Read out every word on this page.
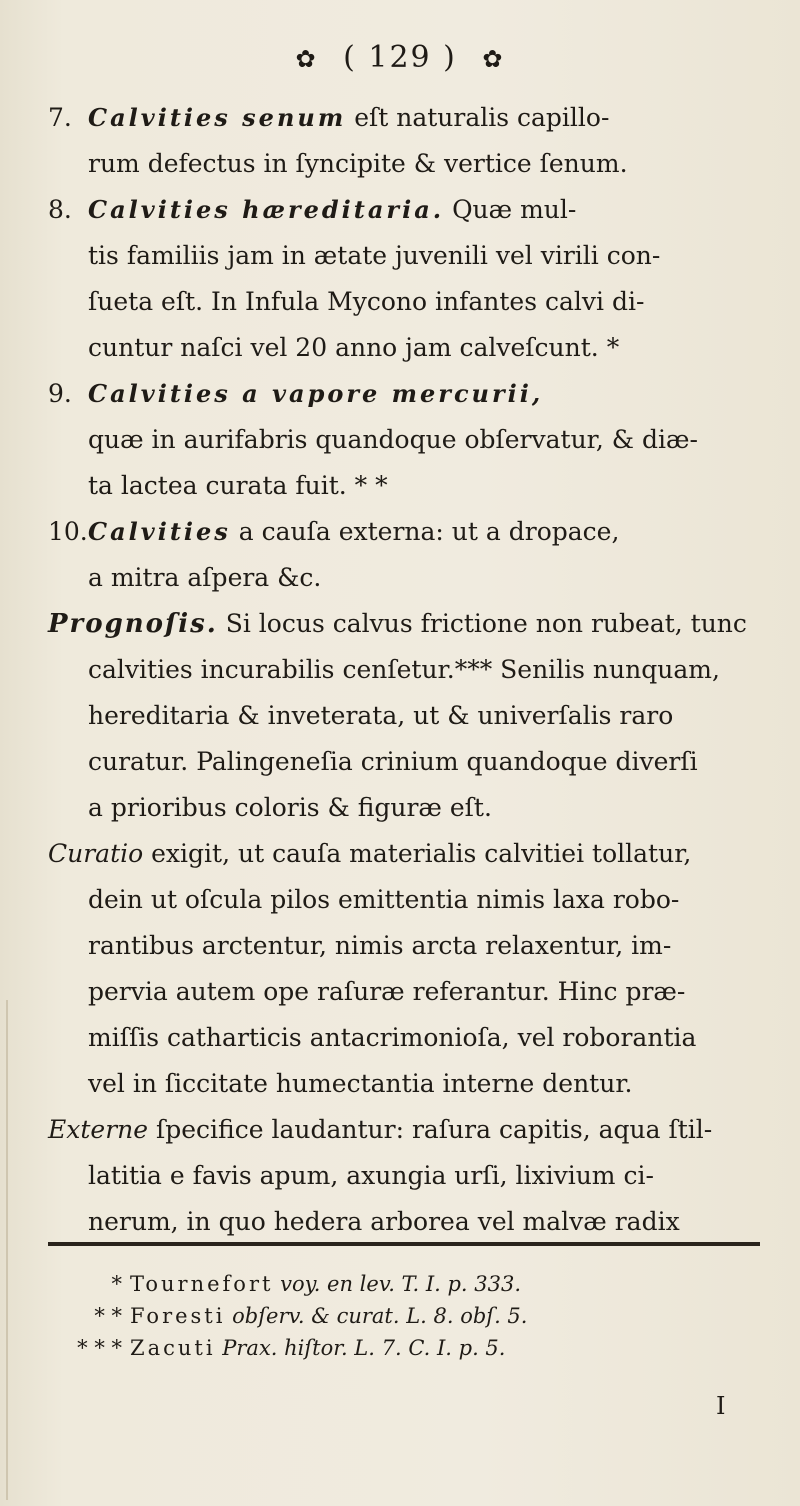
✿ ( 129 ) ✿
7. Calvities senum eſt naturalis capillo-
rum defectus in ſyncipite & vertice ſenum.
8. Calvities hæreditaria. Quæ mul-
tis familiis jam in ætate juvenili vel virili con-
ſueta eſt. In Infula Mycono infantes calvi di-
cuntur naſci vel 20 anno jam calveſcunt. *
9. Calvities a vapore mercurii,
quæ in aurifabris quandoque obſervatur, & diæ-
ta lactea curata fuit. * *
10.Calvities a cauſa externa: ut a dropace,
a mitra aſpera &c.
Prognoſis. Si locus calvus frictione non rubeat, tunc
calvities incurabilis cenſetur.*** Senilis nunquam,
hereditaria & inveterata, ut & univerſalis raro
curatur. Palingeneſia crinium quandoque diverſi
a prioribus coloris & figuræ eſt.
Curatio exigit, ut cauſa materialis calvitiei tollatur,
dein ut oſcula pilos emittentia nimis laxa robo-
rantibus arctentur, nimis arcta relaxentur, im-
pervia autem ope raſuræ referantur. Hinc præ-
miſſis catharticis antacrimonioſa, vel roborantia
vel in ſiccitate humectantia interne dentur.
Externe ſpecifice laudantur: raſura capitis, aqua ſtil-
latitia e favis apum, axungia urſi, lixivium ci-
nerum, in quo hedera arborea vel malvæ radix
* Tournefort voy. en lev. T. I. p. 333.
* * Foresti obſerv. & curat. L. 8. obſ. 5.
* * * Zacuti Prax. hiſtor. L. 7. C. I. p. 5.
I
